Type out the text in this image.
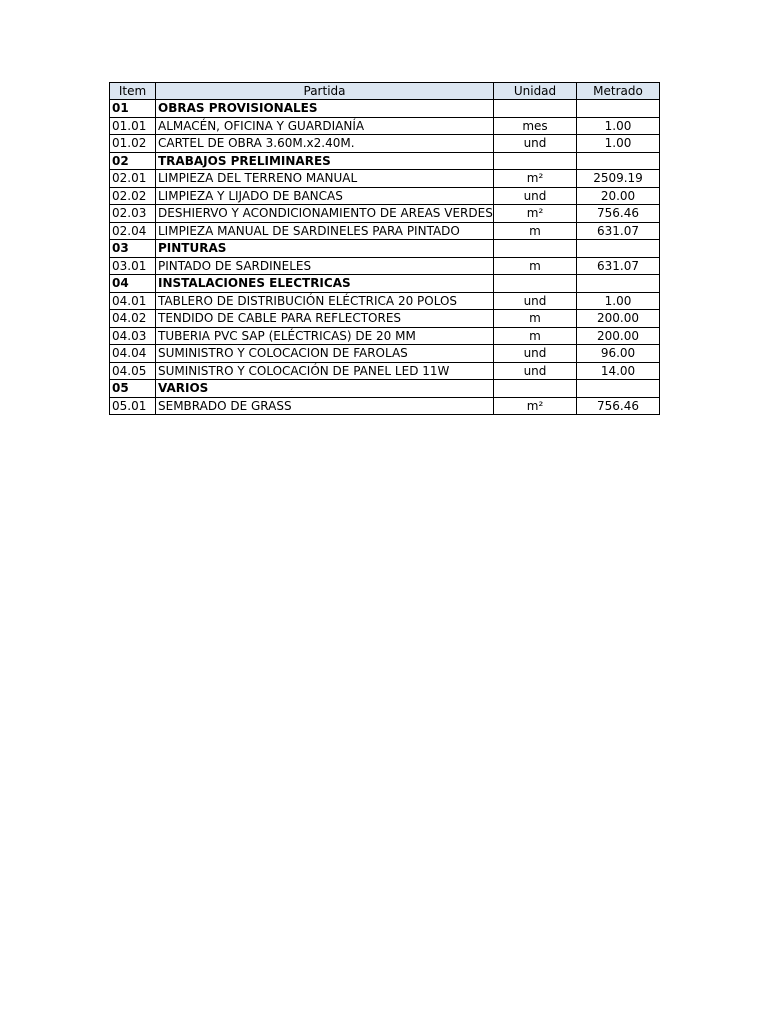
Item	Partida	Unidad	Metrado
01	OBRAS PROVISIONALES		
01.01	ALMACÉN, OFICINA Y GUARDIANÍA	mes	1.00
01.02	CARTEL DE OBRA 3.60M.x2.40M.	und	1.00
02	TRABAJOS PRELIMINARES		
02.01	LIMPIEZA DEL TERRENO MANUAL	m²	2509.19
02.02	LIMPIEZA Y LIJADO DE BANCAS	und	20.00
02.03	DESHIERVO Y ACONDICIONAMIENTO DE AREAS VERDES	m²	756.46
02.04	LIMPIEZA MANUAL DE SARDINELES PARA PINTADO	m	631.07
03	PINTURAS		
03.01	PINTADO DE SARDINELES	m	631.07
04	INSTALACIONES ELECTRICAS		
04.01	TABLERO DE DISTRIBUCIÓN ELÉCTRICA 20 POLOS	und	1.00
04.02	TENDIDO DE CABLE PARA REFLECTORES	m	200.00
04.03	TUBERIA PVC SAP (ELÉCTRICAS) DE 20 MM	m	200.00
04.04	SUMINISTRO Y COLOCACION DE FAROLAS	und	96.00
04.05	SUMINISTRO Y COLOCACIÓN DE PANEL LED 11W	und	14.00
05	VARIOS		
05.01	SEMBRADO DE GRASS	m²	756.46
